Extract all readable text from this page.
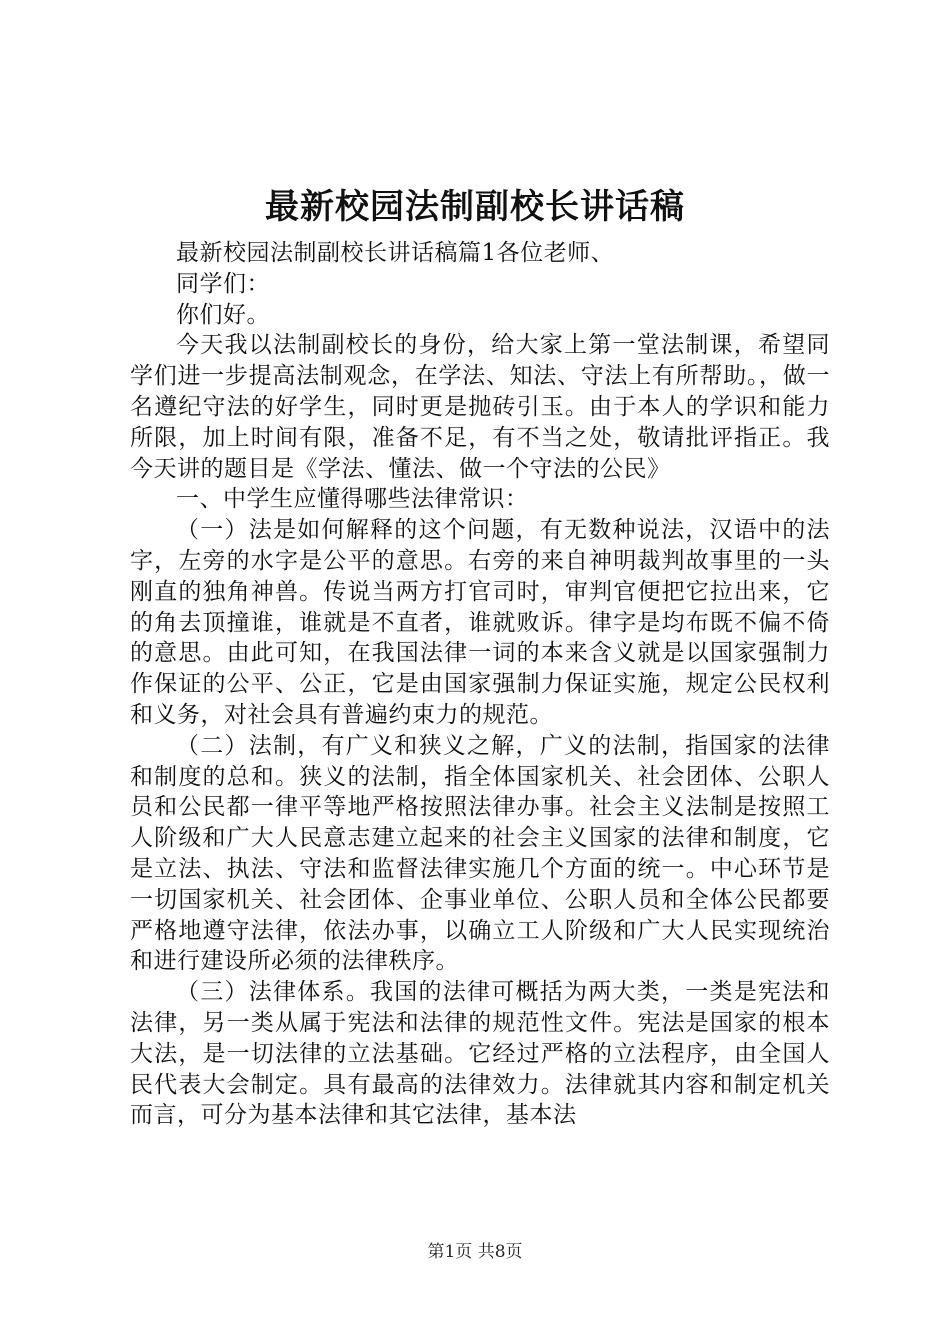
最新校园法制副校长讲话稿

最新校园法制副校长讲话稿篇1各位老师、

同学们：

你们好。

今天我以法制副校长的身份，给大家上第一堂法制课，希望同学们进一步提高法制观念，在学法、知法、守法上有所帮助。，做一名遵纪守法的好学生，同时更是抛砖引玉。由于本人的学识和能力所限，加上时间有限，准备不足，有不当之处，敬请批评指正。我今天讲的题目是《学法、懂法、做一个守法的公民》

一、中学生应懂得哪些法律常识：

（一）法是如何解释的这个问题，有无数种说法，汉语中的法字，左旁的水字是公平的意思。右旁的来自神明裁判故事里的一头刚直的独角神兽。传说当两方打官司时，审判官便把它拉出来，它的角去顶撞谁，谁就是不直者，谁就败诉。律字是均布既不偏不倚的意思。由此可知，在我国法律一词的本来含义就是以国家强制力作保证的公平、公正，它是由国家强制力保证实施，规定公民权利和义务，对社会具有普遍约束力的规范。

（二）法制，有广义和狭义之解，广义的法制，指国家的法律和制度的总和。狭义的法制，指全体国家机关、社会团体、公职人员和公民都一律平等地严格按照法律办事。社会主义法制是按照工人阶级和广大人民意志建立起来的社会主义国家的法律和制度，它是立法、执法、守法和监督法律实施几个方面的统一。中心环节是一切国家机关、社会团体、企事业单位、公职人员和全体公民都要严格地遵守法律，依法办事，以确立工人阶级和广大人民实现统治和进行建设所必须的法律秩序。

（三）法律体系。我国的法律可概括为两大类，一类是宪法和法律，另一类从属于宪法和法律的规范性文件。宪法是国家的根本大法，是一切法律的立法基础。它经过严格的立法程序，由全国人民代表大会制定。具有最高的法律效力。法律就其内容和制定机关而言，可分为基本法律和其它法律，基本法

第1页 共8页
